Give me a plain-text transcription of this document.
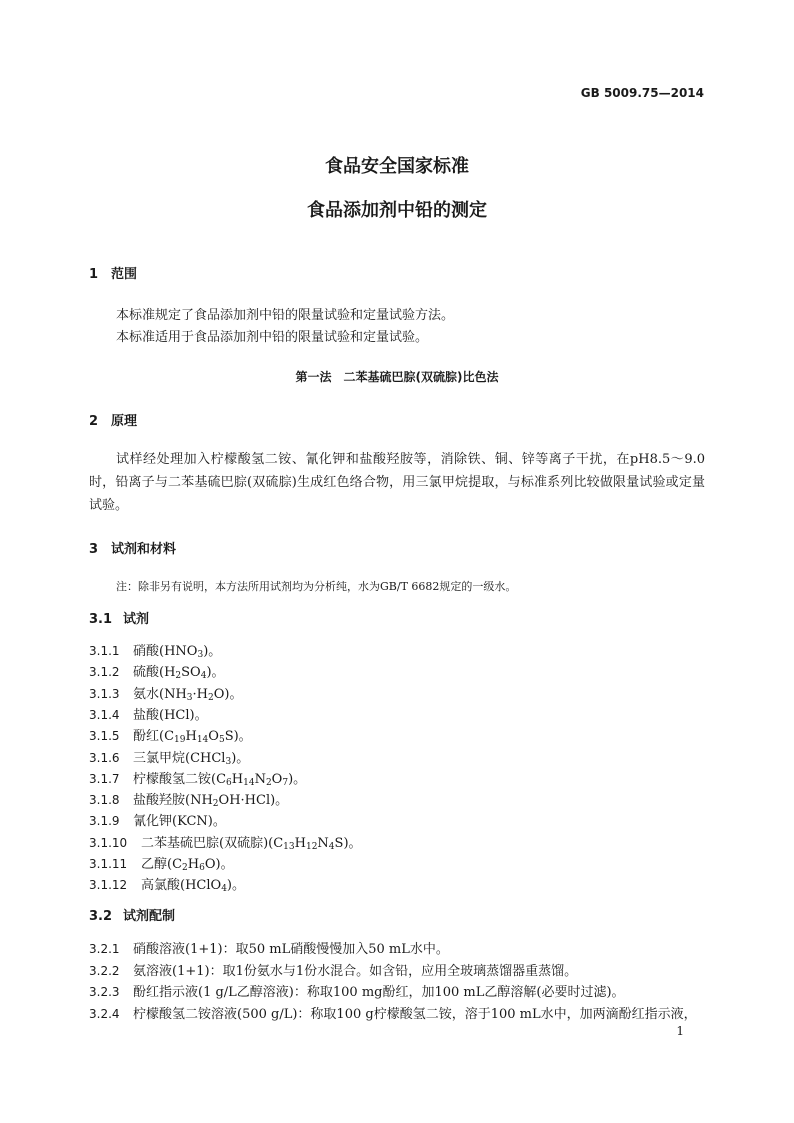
GB 5009.75—2014
食品安全国家标准
食品添加剂中铅的测定
1 范围
本标准规定了食品添加剂中铅的限量试验和定量试验方法。
本标准适用于食品添加剂中铅的限量试验和定量试验。
第一法　二苯基硫巴腙(双硫腙)比色法
2 原理
试样经处理加入柠檬酸氢二铵、氰化钾和盐酸羟胺等，消除铁、铜、锌等离子干扰，在pH8.5～9.0时，铅离子与二苯基硫巴腙(双硫腙)生成红色络合物，用三氯甲烷提取，与标准系列比较做限量试验或定量试验。
3 试剂和材料
注：除非另有说明，本方法所用试剂均为分析纯，水为GB/T 6682规定的一级水。
3.1 试剂
3.1.1 硝酸$(HNO_3)$。
3.1.2 硫酸$(H_2SO_4)$。
3.1.3 氨水$(NH_3\cdot H_2O)$。
3.1.4 盐酸(HCl)。
3.1.5 酚红$(C_{19}H_{14}O_5S)$。
3.1.6 三氯甲烷(CHCl$_3$)。
3.1.7 柠檬酸氢二铵$(C_6H_{14}N_2O_7)$。
3.1.8 盐酸羟胺$(NH_2OH\cdot HCl)$。
3.1.9 氰化钾(KCN)。
3.1.10 二苯基硫巴腙(双硫腙)$(C_{13}H_{12}N_4S)$。
3.1.11 乙醇$(C_2H_6O)$。
3.1.12 高氯酸(HClO$_4$)。
3.2 试剂配制
3.2.1 硝酸溶液(1+1)：取50 mL硝酸慢慢加入50 mL水中。
3.2.2 氨溶液(1+1)：取1份氨水与1份水混合。如含铅，应用全玻璃蒸馏器重蒸馏。
3.2.3 酚红指示液(1 g/L乙醇溶液)：称取100 mg酚红，加100 mL乙醇溶解(必要时过滤)。
3.2.4 柠檬酸氢二铵溶液(500 g/L)：称取100 g柠檬酸氢二铵，溶于100 mL水中，加两滴酚红指示液，
1
